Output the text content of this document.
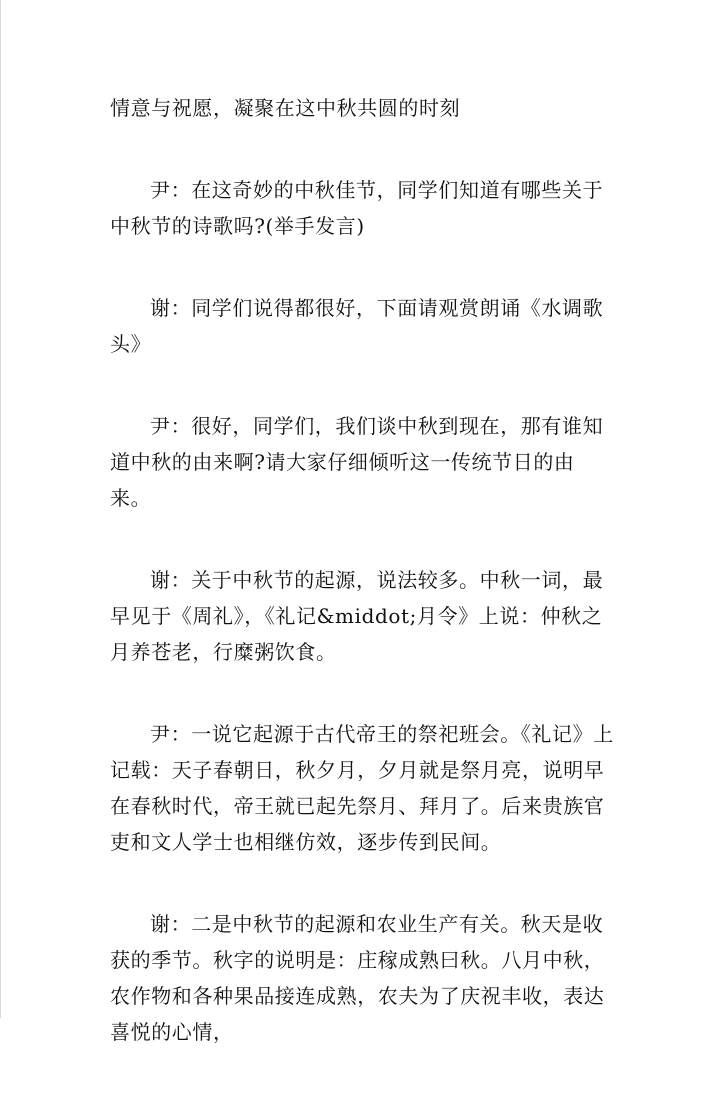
情意与祝愿，凝聚在这中秋共圆的时刻

尹：在这奇妙的中秋佳节，同学们知道有哪些关于中秋节的诗歌吗?(举手发言)

谢：同学们说得都很好，下面请观赏朗诵《水调歌头》

尹：很好，同学们，我们谈中秋到现在，那有谁知道中秋的由来啊?请大家仔细倾听这一传统节日的由来。

谢：关于中秋节的起源，说法较多。中秋一词，最早见于《周礼》，《礼记&middot;月令》上说：仲秋之月养苍老，行糜粥饮食。

尹：一说它起源于古代帝王的祭祀班会。《礼记》上记载：天子春朝日，秋夕月，夕月就是祭月亮，说明早在春秋时代，帝王就已起先祭月、拜月了。后来贵族官吏和文人学士也相继仿效，逐步传到民间。

谢：二是中秋节的起源和农业生产有关。秋天是收获的季节。秋字的说明是：庄稼成熟曰秋。八月中秋，农作物和各种果品接连成熟，农夫为了庆祝丰收，表达喜悦的心情，
